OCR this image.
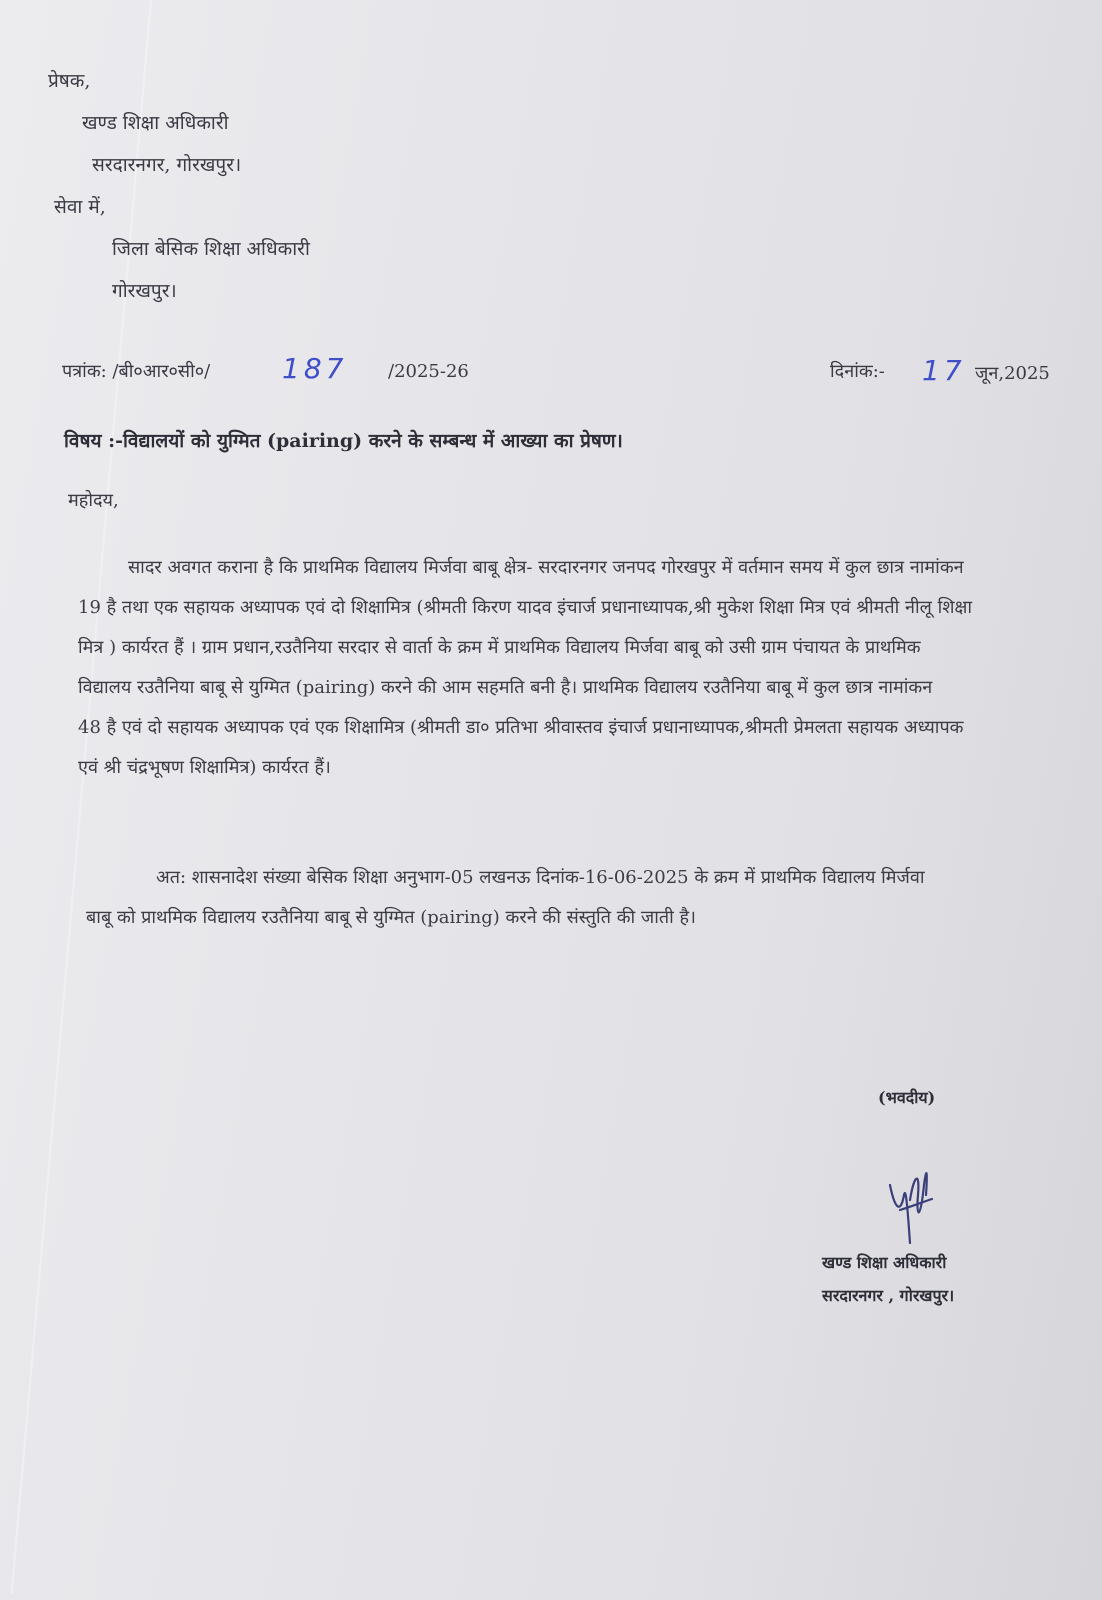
प्रेषक,
खण्ड शिक्षा अधिकारी
सरदारनगर, गोरखपुर।
सेवा में,
जिला बेसिक शिक्षा अधिकारी
गोरखपुर।
पत्रांक: /बी०आर०सी०/	187 /2025-26	दिनांक:- 17 जून,2025
विषय :-विद्यालयों को युग्मित (pairing) करने के सम्बन्ध में आख्या का प्रेषण।
महोदय,
सादर अवगत कराना है कि प्राथमिक विद्यालय मिर्जवा बाबू क्षेत्र- सरदारनगर जनपद गोरखपुर में वर्तमान समय में कुल छात्र नामांकन
19 है तथा एक सहायक अध्यापक एवं दो शिक्षामित्र (श्रीमती किरण यादव इंचार्ज प्रधानाध्यापक,श्री मुकेश शिक्षा मित्र एवं श्रीमती नीलू शिक्षा
मित्र ) कार्यरत हैं । ग्राम प्रधान,रउतैनिया सरदार से वार्ता के क्रम में प्राथमिक विद्यालय मिर्जवा बाबू को उसी ग्राम पंचायत के प्राथमिक
विद्यालय रउतैनिया बाबू से युग्मित (pairing) करने की आम सहमति बनी है। प्राथमिक विद्यालय रउतैनिया बाबू में कुल छात्र नामांकन
48 है एवं दो सहायक अध्यापक एवं एक शिक्षामित्र (श्रीमती डा० प्रतिभा श्रीवास्तव इंचार्ज प्रधानाध्यापक,श्रीमती प्रेमलता सहायक अध्यापक
एवं श्री चंद्रभूषण शिक्षामित्र) कार्यरत हैं।
अत: शासनादेश संख्या बेसिक शिक्षा अनुभाग-05 लखनऊ दिनांक-16-06-2025 के क्रम में प्राथमिक विद्यालय मिर्जवा
बाबू को प्राथमिक विद्यालय रउतैनिया बाबू से युग्मित (pairing) करने की संस्तुति की जाती है।
(भवदीय)
खण्ड शिक्षा अधिकारी
सरदारनगर , गोरखपुर।
